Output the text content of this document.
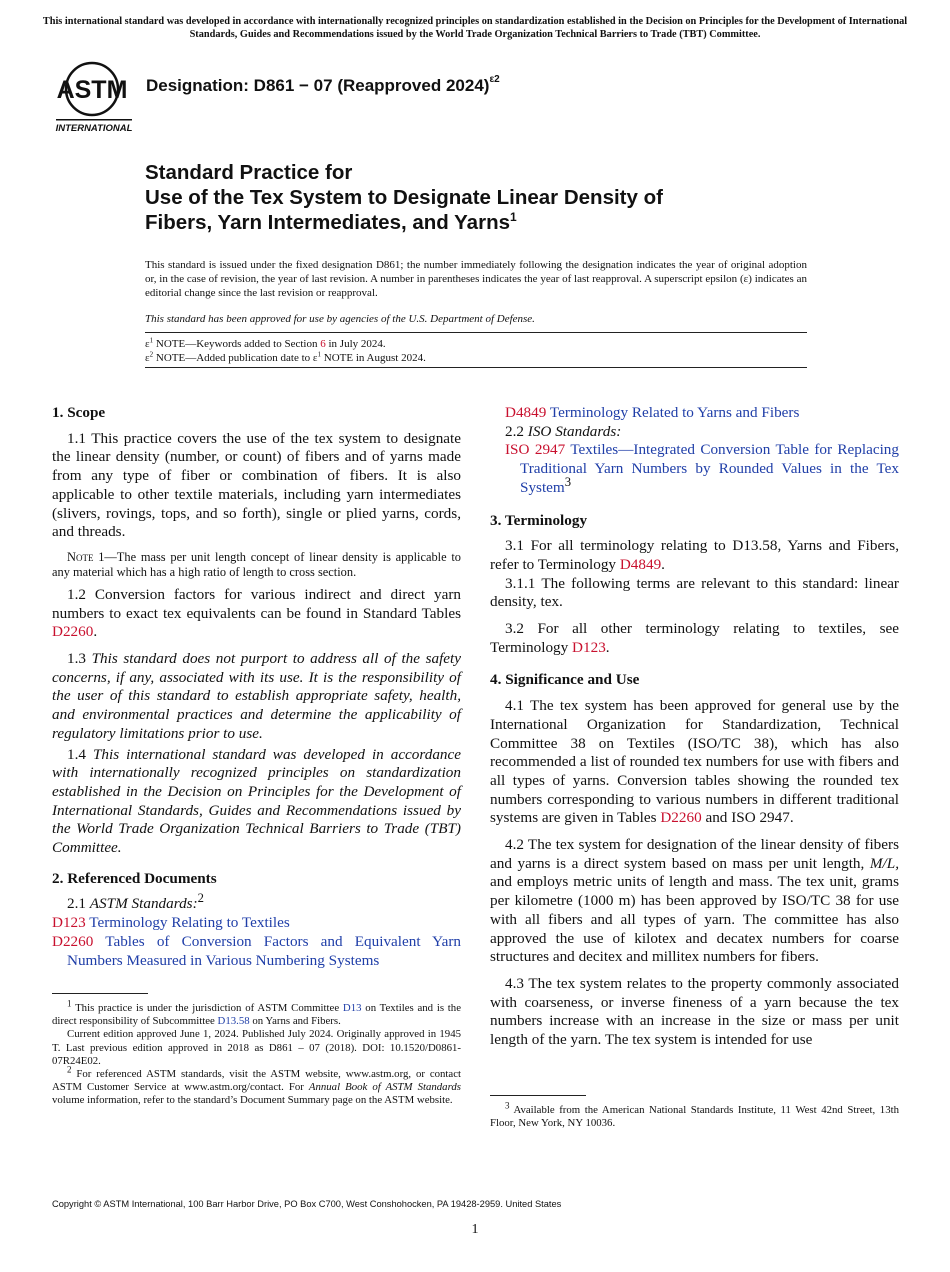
This international standard was developed in accordance with internationally recognized principles on standardization established in the Decision on Principles for the Development of International Standards, Guides and Recommendations issued by the World Trade Organization Technical Barriers to Trade (TBT) Committee.
ASTM
INTERNATIONAL
Designation: D861 − 07 (Reapproved 2024)$^{\varepsilon 2}$
Standard Practice for
Use of the Tex System to Designate Linear Density of
Fibers, Yarn Intermediates, and Yarns$^1$
This standard is issued under the fixed designation D861; the number immediately following the designation indicates the year of original adoption or, in the case of revision, the year of last revision. A number in parentheses indicates the year of last reapproval. A superscript epsilon (ε) indicates an editorial change since the last revision or reapproval.
This standard has been approved for use by agencies of the U.S. Department of Defense.
$\varepsilon^1$ NOTE—Keywords added to Section 6 in July 2024.
$\varepsilon^2$ NOTE—Added publication date to $\varepsilon^1$ NOTE in August 2024.
1. Scope

1.1 This practice covers the use of the tex system to designate the linear density (number, or count) of fibers and of yarns made from any type of fiber or combination of fibers. It is also applicable to other textile materials, including yarn intermediates (slivers, rovings, tops, and so forth), single or plied yarns, cords, and threads.

Note 1—The mass per unit length concept of linear density is applicable to any material which has a high ratio of length to cross section.

1.2 Conversion factors for various indirect and direct yarn numbers to exact tex equivalents can be found in Standard Tables D2260.

1.3 This standard does not purport to address all of the safety concerns, if any, associated with its use. It is the responsibility of the user of this standard to establish appropriate safety, health, and environmental practices and determine the applicability of regulatory limitations prior to use.

1.4 This international standard was developed in accordance with internationally recognized principles on standardization established in the Decision on Principles for the Development of International Standards, Guides and Recommendations issued by the World Trade Organization Technical Barriers to Trade (TBT) Committee.

2. Referenced Documents

2.1 ASTM Standards:$^2$

D123 Terminology Relating to Textiles
D2260 Tables of Conversion Factors and Equivalent Yarn Numbers Measured in Various Numbering Systems
D4849 Terminology Related to Yarns and Fibers

2.2 ISO Standards:

ISO 2947 Textiles—Integrated Conversion Table for Replacing Traditional Yarn Numbers by Rounded Values in the Tex System$^3$
3. Terminology

3.1 For all terminology relating to D13.58, Yarns and Fibers, refer to Terminology D4849.

3.1.1 The following terms are relevant to this standard: linear density, tex.

3.2 For all other terminology relating to textiles, see Terminology D123.

4. Significance and Use

4.1 The tex system has been approved for general use by the International Organization for Standardization, Technical Committee 38 on Textiles (ISO/TC 38), which has also recommended a list of rounded tex numbers for use with fibers and all types of yarns. Conversion tables showing the rounded tex numbers corresponding to various numbers in different traditional systems are given in Tables D2260 and ISO 2947.

4.2 The tex system for designation of the linear density of fibers and yarns is a direct system based on mass per unit length, M/L, and employs metric units of length and mass. The tex unit, grams per kilometre (1000 m) has been approved by ISO/TC 38 for use with all fibers and all types of yarn. The committee has also approved the use of kilotex and decatex numbers for coarse structures and decitex and millitex numbers for fibers.

4.3 The tex system relates to the property commonly associated with coarseness, or inverse fineness of a yarn because the tex numbers increase with an increase in the size or mass per unit length of the yarn. The tex system is intended for use

$^1$ This practice is under the jurisdiction of ASTM Committee D13 on Textiles and is the direct responsibility of Subcommittee D13.58 on Yarns and Fibers.

Current edition approved June 1, 2024. Published July 2024. Originally approved in 1945 T. Last previous edition approved in 2018 as D861 – 07 (2018). DOI: 10.1520/D0861-07R24E02.

$^2$ For referenced ASTM standards, visit the ASTM website, www.astm.org, or contact ASTM Customer Service at www.astm.org/contact. For Annual Book of ASTM Standards volume information, refer to the standard’s Document Summary page on the ASTM website.	$^3$ Available from the American National Standards Institute, 11 West 42nd Street, 13th Floor, New York, NY 10036.

Copyright © ASTM International, 100 Barr Harbor Drive, PO Box C700, West Conshohocken, PA 19428-2959. United States
1
